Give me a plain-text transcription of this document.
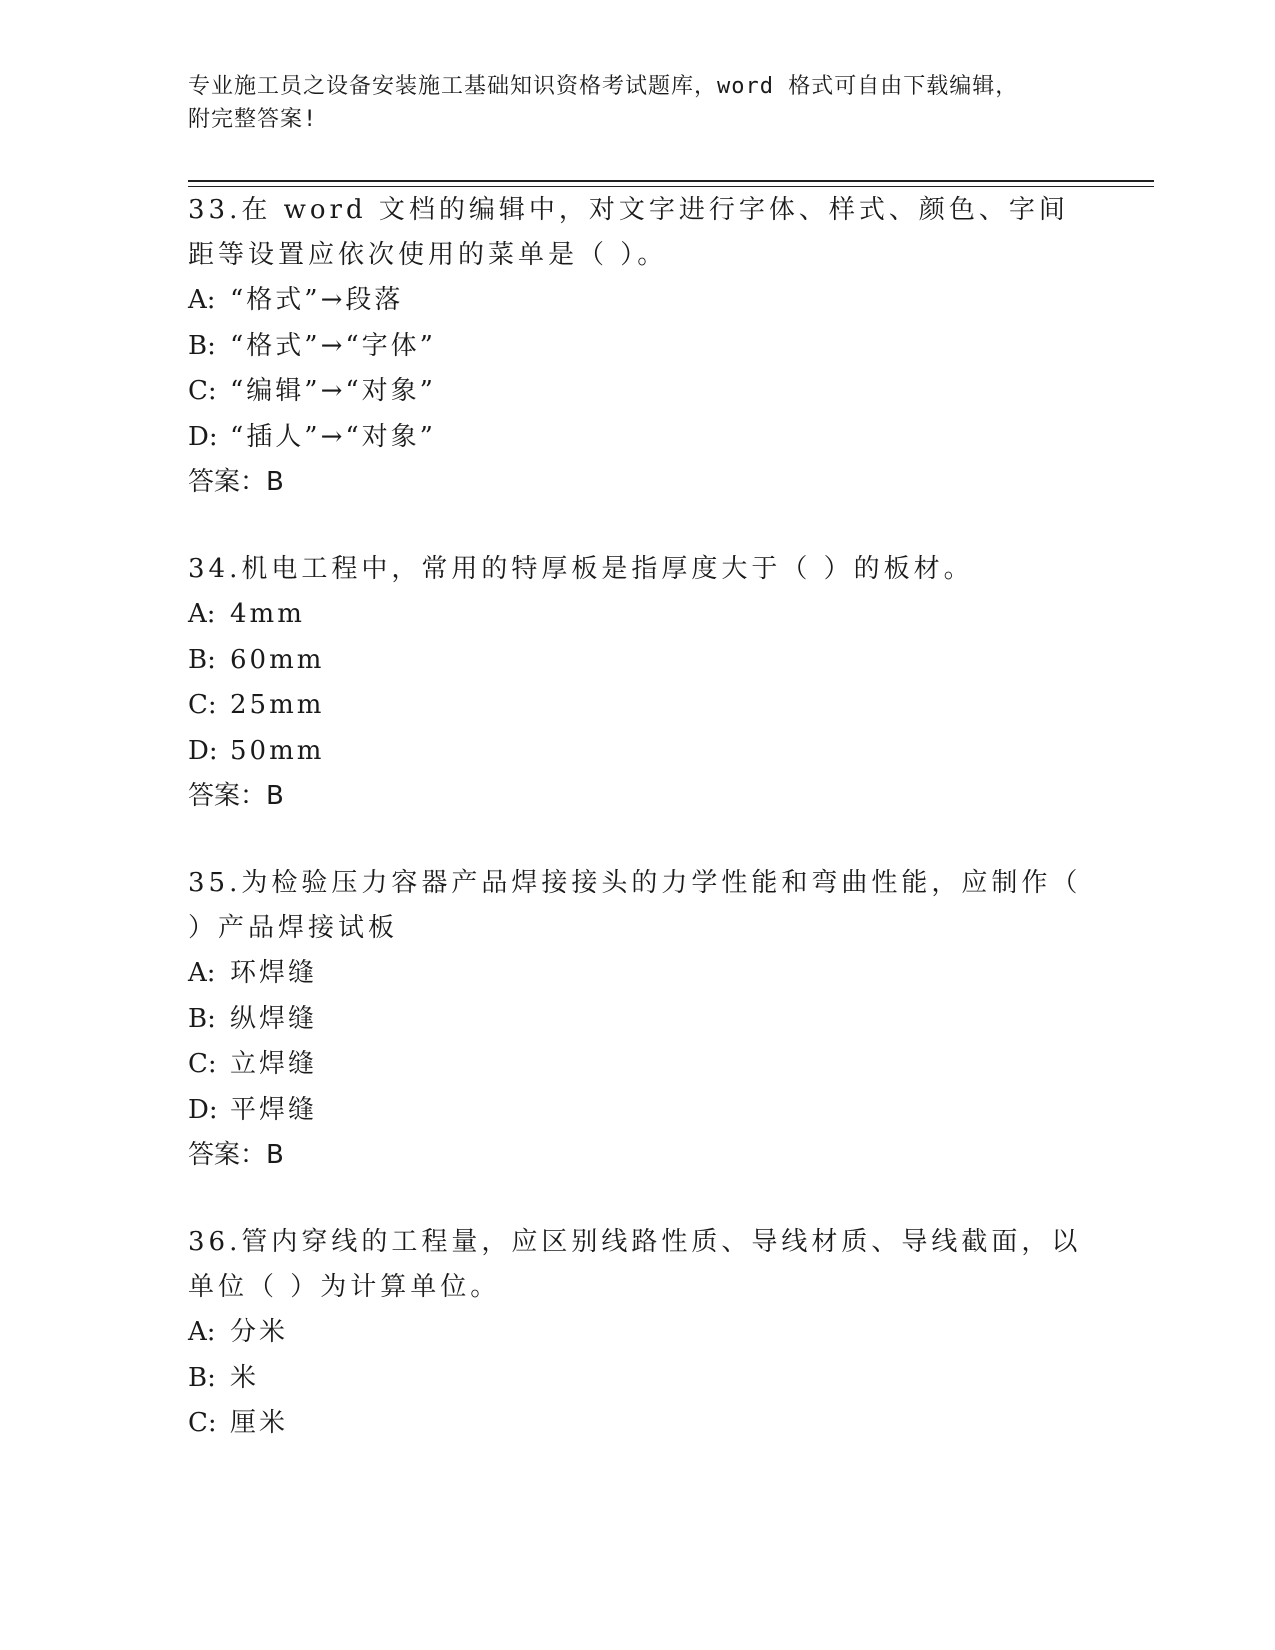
专业施工员之设备安装施工基础知识资格考试题库，word 格式可自由下载编辑，
附完整答案!

33.在 word 文档的编辑中，对文字进行字体、样式、颜色、字间距等设置应依次使用的菜单是（ ）。

A: “格式”→段落

B: “格式”→“字体”

C: “编辑”→“对象”

D: “插人”→“对象”

答案：B

34.机电工程中，常用的特厚板是指厚度大于（ ）的板材。

A: 4mm

B: 60mm

C: 25mm

D: 50mm

答案：B

35.为检验压力容器产品焊接接头的力学性能和弯曲性能，应制作（ ）产品焊接试板

A: 环焊缝

B: 纵焊缝

C: 立焊缝

D: 平焊缝

答案：B

36.管内穿线的工程量，应区别线路性质、导线材质、导线截面，以单位（ ）为计算单位。

A: 分米

B: 米

C: 厘米
